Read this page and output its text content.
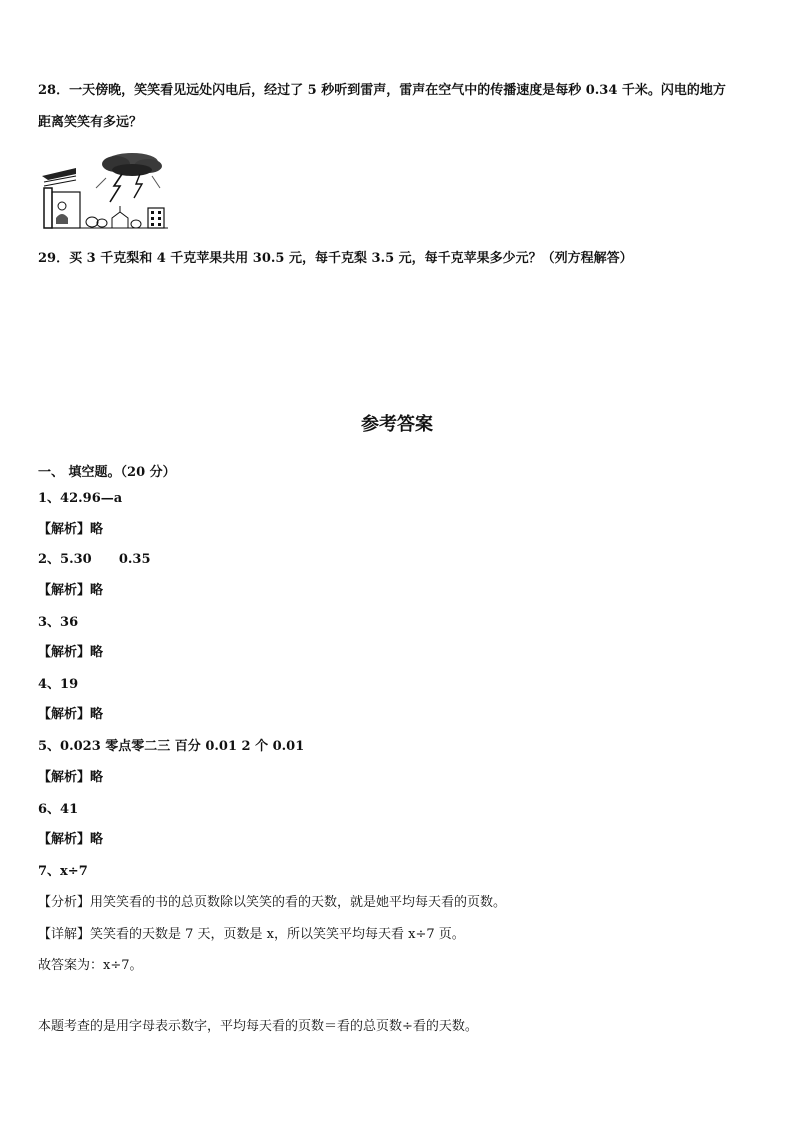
28．一天傍晚，笑笑看见远处闪电后，经过了 5 秒听到雷声，雷声在空气中的传播速度是每秒 0.34 千米。闪电的地方
距离笑笑有多远？
29．买 3 千克梨和 4 千克苹果共用 30.5 元，每千克梨 3.5 元，每千克苹果多少元？（列方程解答）
参考答案
一、 填空题。（20 分）
1、42.96—a
【解析】略
2、5.30      0.35
【解析】略
3、36
【解析】略
4、19
【解析】略
5、0.023 零点零二三 百分 0.01 2 个 0.01
【解析】略
6、41
【解析】略
7、x÷7
【分析】用笑笑看的书的总页数除以笑笑的看的天数，就是她平均每天看的页数。
【详解】笑笑看的天数是 7 天，页数是 x，所以笑笑平均每天看 x÷7 页。
故答案为：x÷7。
本题考查的是用字母表示数字，平均每天看的页数＝看的总页数÷看的天数。
